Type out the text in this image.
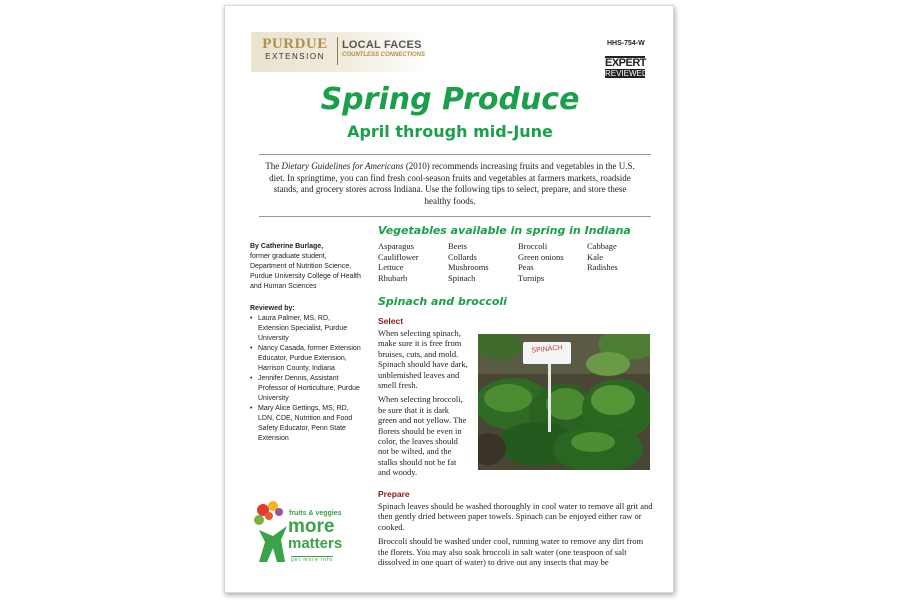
PURDUE
EXTENSION
LOCAL FACES
COUNTLESS CONNECTIONS
HHS-754-W
EXPERT
REVIEWED
Spring Produce
April through mid-June
The Dietary Guidelines for Americans (2010) recommends increasing fruits and vegetables in the U.S. diet. In springtime, you can find fresh cool-season fruits and vegetables at farmers markets, roadside stands, and grocery stores across Indiana. Use the following tips to select, prepare, and store these healthy foods.
By Catherine Burlage,
former graduate student, Department of Nutrition Science, Purdue University College of Health and Human Sciences
Reviewed by:
• Laura Palmer, MS, RD, Extension Specialist, Purdue University
• Nancy Casada, former Extension Educator, Purdue Extension, Harrison County, Indiana
• Jennifer Dennis, Assistant Professor of Horticulture, Purdue University
• Mary Alice Gettings, MS, RD, LDN, CDE, Nutrition and Food Safety Educator, Penn State Extension
Vegetables available in spring in Indiana
Asparagus
Cauliflower
Lettuce
Rhubarb
Beets
Collards
Mushrooms
Spinach
Broccoli
Green onions
Peas
Turnips
Cabbage
Kale
Radishes
Spinach and broccoli
Select

When selecting spinach, make sure it is free from bruises, cuts, and mold. Spinach should have dark, unblemished leaves and smell fresh.

When selecting broccoli, be sure that it is dark green and not yellow. The florets should be even in color, the leaves should not be wilted, and the stalks should not be fat and woody.

SPINACH
Prepare

Spinach leaves should be washed thoroughly in cool water to remove all grit and then gently dried between paper towels. Spinach can be enjoyed either raw or cooked.

Broccoli should be washed under cool, running water to remove any dirt from the florets. You may also soak broccoli in salt water (one teaspoon of salt dissolved in one quart of water) to drive out any insects that may be

fruits & veggies
more
matters
get more info
